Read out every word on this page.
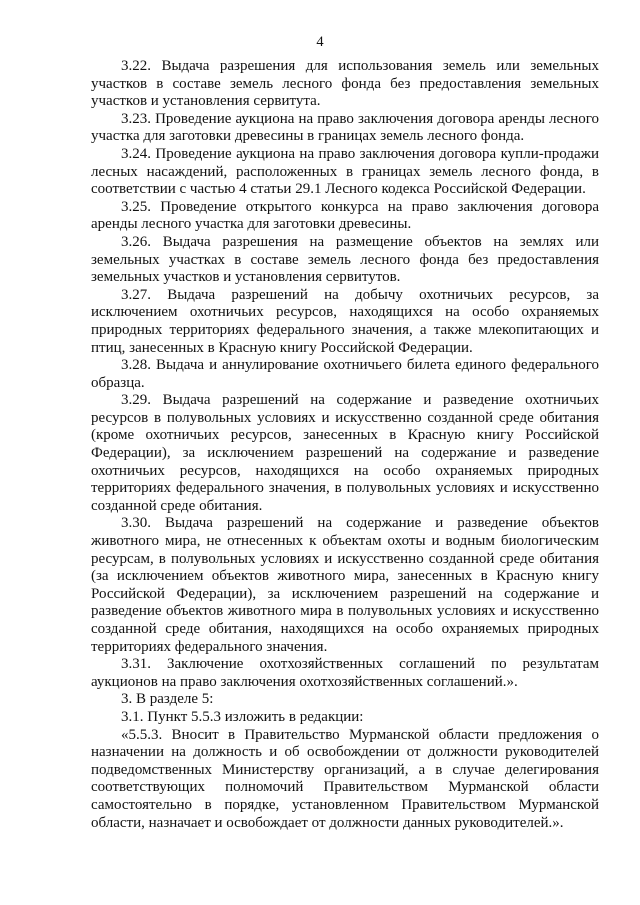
4

3.22. Выдача разрешения для использования земель или земельных участков в составе земель лесного фонда без предоставления земельных участков и установления сервитута.

3.23. Проведение аукциона на право заключения договора аренды лесного участка для заготовки древесины в границах земель лесного фонда.

3.24. Проведение аукциона на право заключения договора купли-продажи лесных насаждений, расположенных в границах земель лесного фонда, в соответствии с частью 4 статьи 29.1 Лесного кодекса Российской Федерации.

3.25. Проведение открытого конкурса на право заключения договора аренды лесного участка для заготовки древесины.

3.26. Выдача разрешения на размещение объектов на землях или земельных участках в составе земель лесного фонда без предоставления земельных участков и установления сервитутов.

3.27. Выдача разрешений на добычу охотничьих ресурсов, за исключением охотничьих ресурсов, находящихся на особо охраняемых природных территориях федерального значения, а также млекопитающих и птиц, занесенных в Красную книгу Российской Федерации.

3.28. Выдача и аннулирование охотничьего билета единого федерального образца.

3.29. Выдача разрешений на содержание и разведение охотничьих ресурсов в полувольных условиях и искусственно созданной среде обитания (кроме охотничьих ресурсов, занесенных в Красную книгу Российской Федерации), за исключением разрешений на содержание и разведение охотничьих ресурсов, находящихся на особо охраняемых природных территориях федерального значения, в полувольных условиях и искусственно созданной среде обитания.

3.30. Выдача разрешений на содержание и разведение объектов животного мира, не отнесенных к объектам охоты и водным биологическим ресурсам, в полувольных условиях и искусственно созданной среде обитания (за исключением объектов животного мира, занесенных в Красную книгу Российской Федерации), за исключением разрешений на содержание и разведение объектов животного мира в полувольных условиях и искусственно созданной среде обитания, находящихся на особо охраняемых природных территориях федерального значения.

3.31. Заключение охотхозяйственных соглашений по результатам аукционов на право заключения охотхозяйственных соглашений.».

3. В разделе 5:

3.1. Пункт 5.5.3 изложить в редакции:

«5.5.3. Вносит в Правительство Мурманской области предложения о назначении на должность и об освобождении от должности руководителей подведомственных Министерству организаций, а в случае делегирования соответствующих полномочий Правительством Мурманской области самостоятельно в порядке, установленном Правительством Мурманской области, назначает и освобождает от должности данных руководителей.».
